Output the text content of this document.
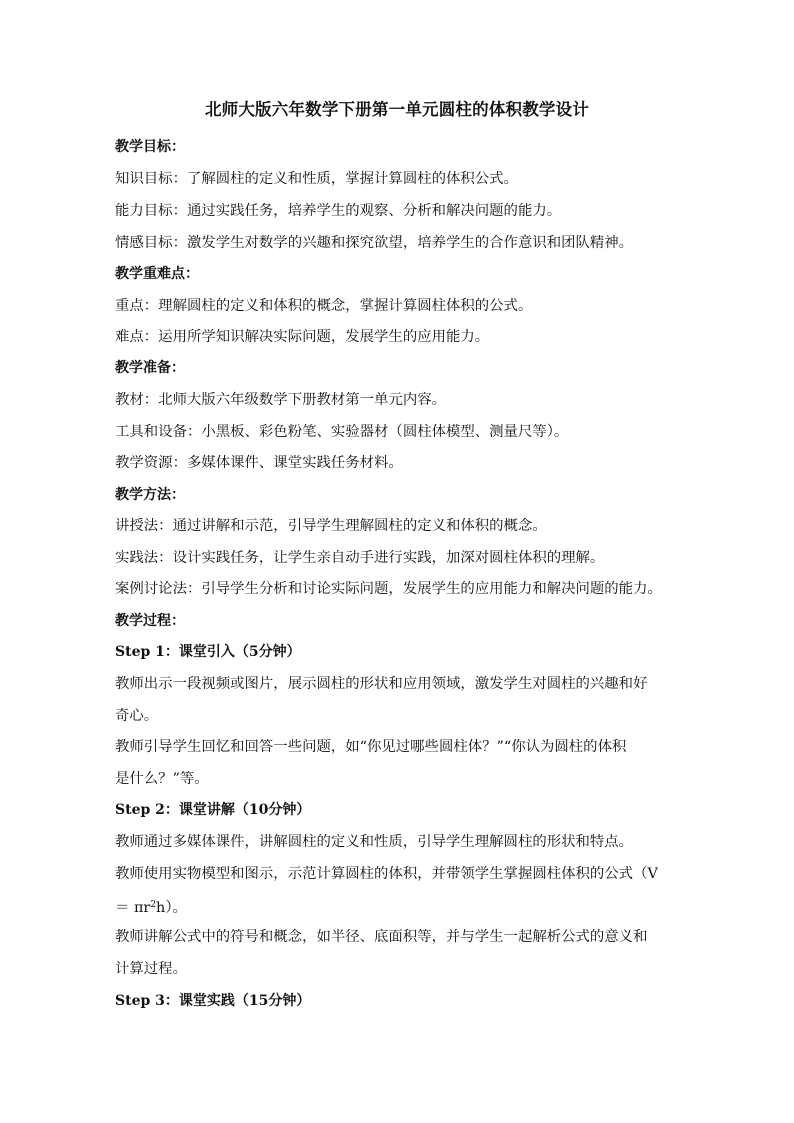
北师大版六年数学下册第一单元圆柱的体积教学设计
教学目标：
知识目标：了解圆柱的定义和性质，掌握计算圆柱的体积公式。
能力目标：通过实践任务，培养学生的观察、分析和解决问题的能力。
情感目标：激发学生对数学的兴趣和探究欲望，培养学生的合作意识和团队精神。
教学重难点：
重点：理解圆柱的定义和体积的概念，掌握计算圆柱体积的公式。
难点：运用所学知识解决实际问题，发展学生的应用能力。
教学准备：
教材：北师大版六年级数学下册教材第一单元内容。
工具和设备：小黑板、彩色粉笔、实验器材（圆柱体模型、测量尺等）。
教学资源：多媒体课件、课堂实践任务材料。
教学方法：
讲授法：通过讲解和示范，引导学生理解圆柱的定义和体积的概念。
实践法：设计实践任务，让学生亲自动手进行实践，加深对圆柱体积的理解。
案例讨论法：引导学生分析和讨论实际问题，发展学生的应用能力和解决问题的能力。
教学过程：
Step 1：课堂引入（5分钟）
教师出示一段视频或图片，展示圆柱的形状和应用领域，激发学生对圆柱的兴趣和好
奇心。
教师引导学生回忆和回答一些问题，如“你见过哪些圆柱体？”“你认为圆柱的体积
是什么？”等。
Step 2：课堂讲解（10分钟）
教师通过多媒体课件，讲解圆柱的定义和性质，引导学生理解圆柱的形状和特点。
教师使用实物模型和图示，示范计算圆柱的体积，并带领学生掌握圆柱体积的公式（V
＝ $\pi r^2h$）。
教师讲解公式中的符号和概念，如半径、底面积等，并与学生一起解析公式的意义和
计算过程。
Step 3：课堂实践（15分钟）
